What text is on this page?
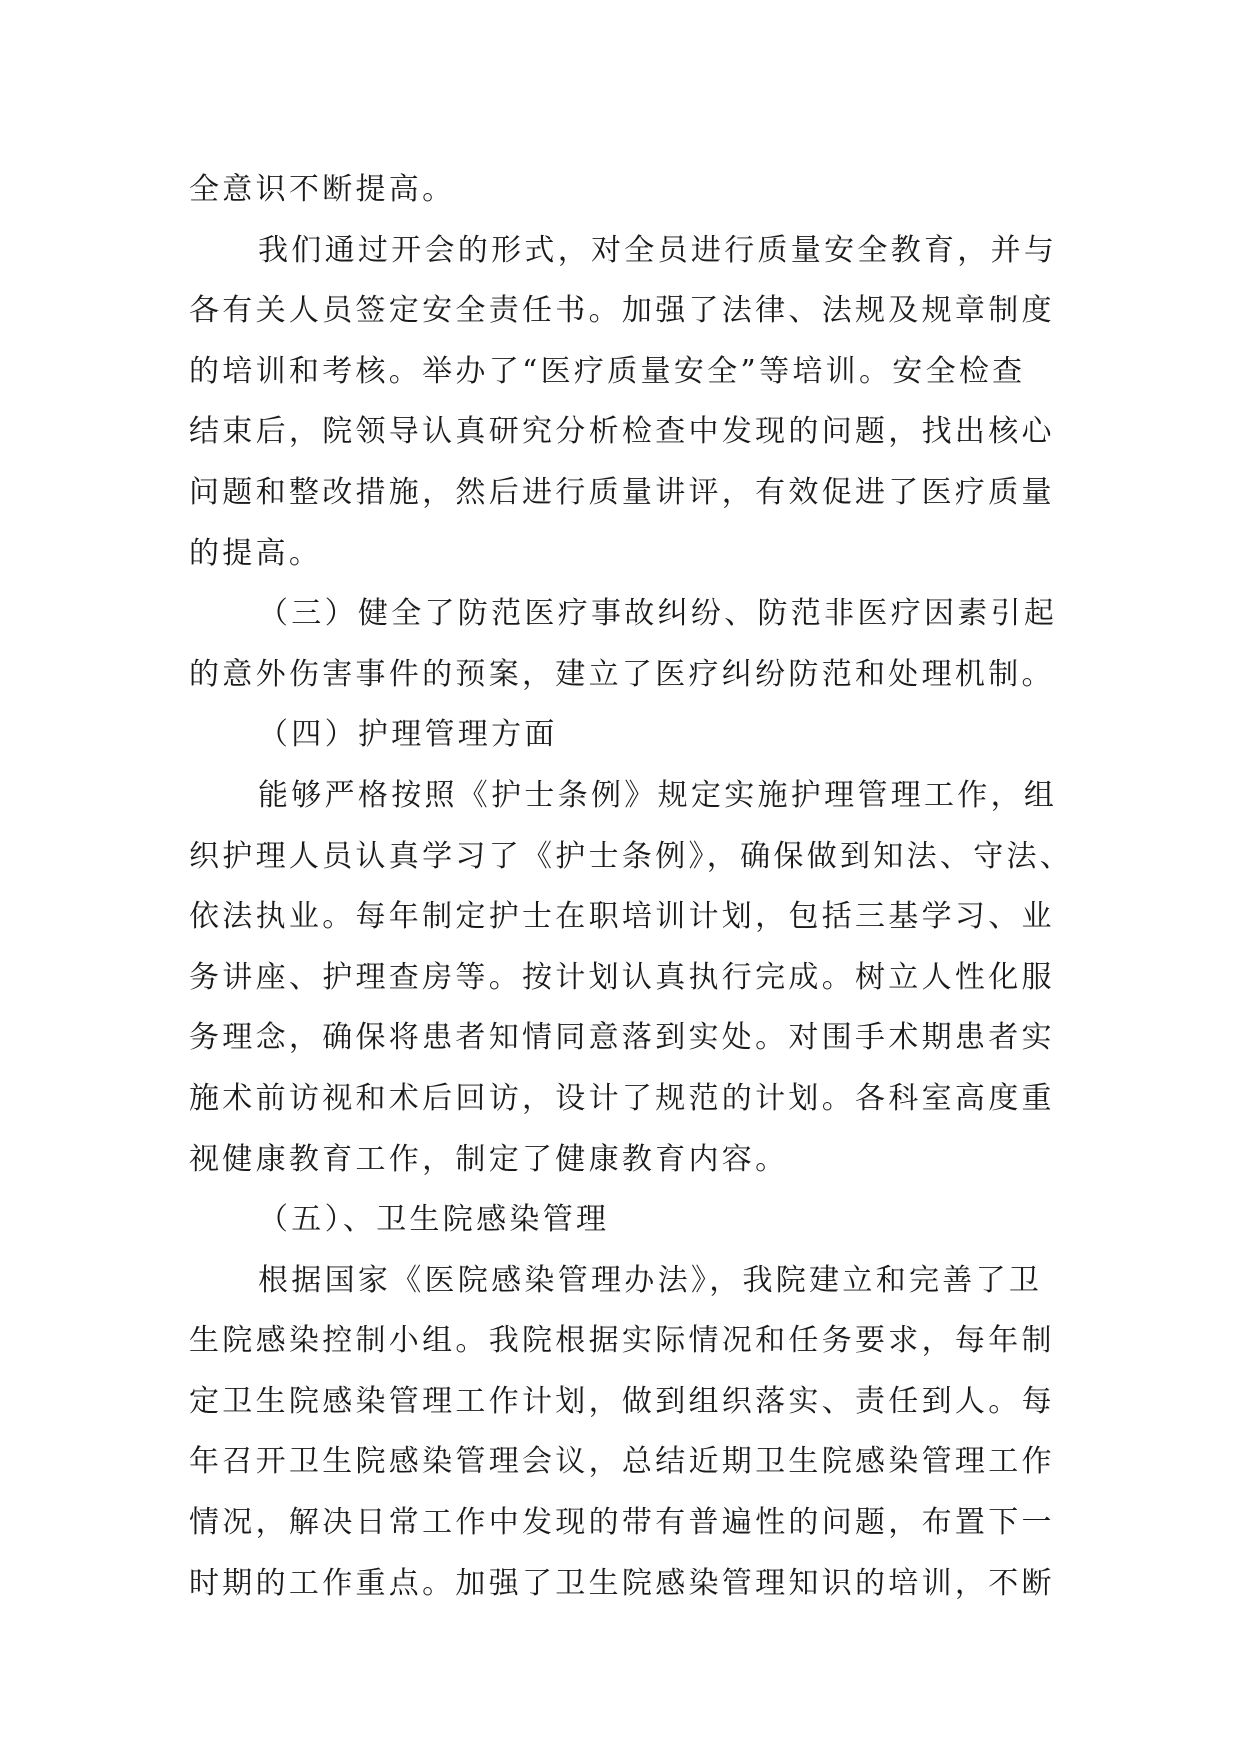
全意识不断提高。
我们通过开会的形式，对全员进行质量安全教育，并与
各有关人员签定安全责任书。加强了法律、法规及规章制度
的培训和考核。举办了“医疗质量安全”等培训。安全检查
结束后，院领导认真研究分析检查中发现的问题，找出核心
问题和整改措施，然后进行质量讲评，有效促进了医疗质量
的提高。
（三）健全了防范医疗事故纠纷、防范非医疗因素引起
的意外伤害事件的预案，建立了医疗纠纷防范和处理机制。
（四）护理管理方面
能够严格按照《护士条例》规定实施护理管理工作，组
织护理人员认真学习了《护士条例》，确保做到知法、守法、
依法执业。每年制定护士在职培训计划，包括三基学习、业
务讲座、护理查房等。按计划认真执行完成。树立人性化服
务理念，确保将患者知情同意落到实处。对围手术期患者实
施术前访视和术后回访，设计了规范的计划。各科室高度重
视健康教育工作，制定了健康教育内容。
（五）、卫生院感染管理
根据国家《医院感染管理办法》，我院建立和完善了卫
生院感染控制小组。我院根据实际情况和任务要求，每年制
定卫生院感染管理工作计划，做到组织落实、责任到人。每
年召开卫生院感染管理会议，总结近期卫生院感染管理工作
情况，解决日常工作中发现的带有普遍性的问题，布置下一
时期的工作重点。加强了卫生院感染管理知识的培训，不断
